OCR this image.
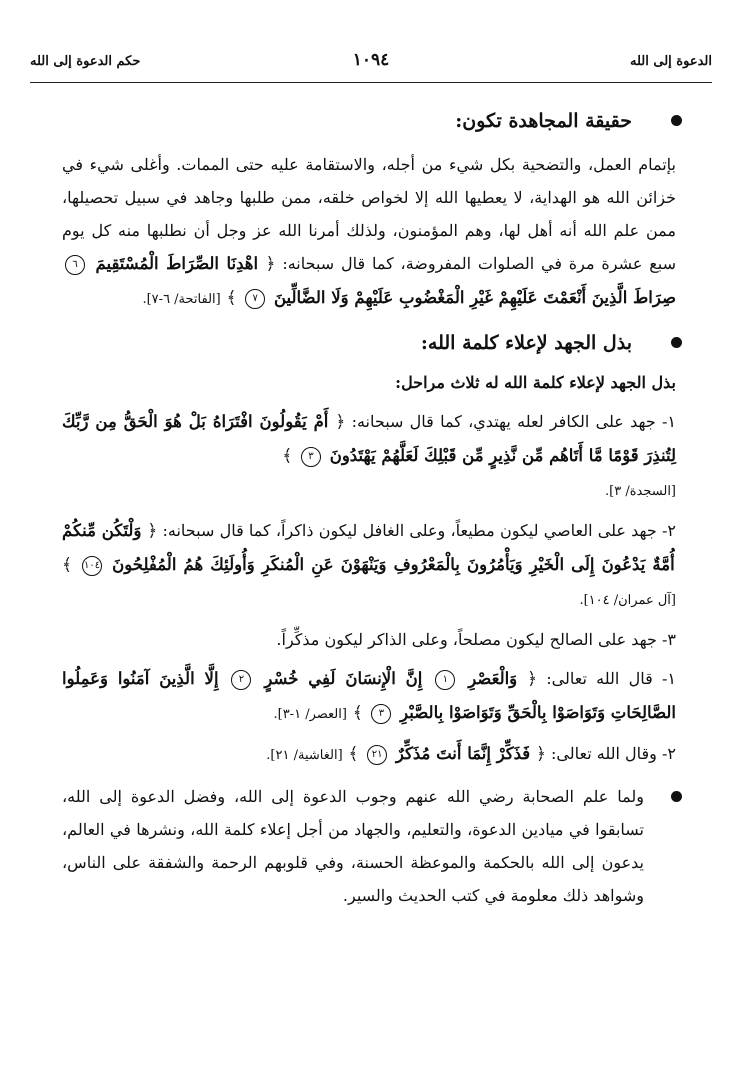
الدعوة إلى الله
١٠٩٤
حكم الدعوة إلى الله
حقيقة المجاهدة تكون:

بإتمام العمل، والتضحية بكل شيء من أجله، والاستقامة عليه حتى الممات. وأغلى شيء في خزائن الله هو الهداية، لا يعطيها الله إلا لخواص خلقه، ممن طلبها وجاهد في سبيل تحصيلها، ممن علم الله أنه أهل لها، وهم المؤمنون، ولذلك أمرنا الله عز وجل أن نطلبها منه كل يوم سبع عشرة مرة في الصلوات المفروضة، كما قال سبحانه: ﴿ اهْدِنَا الصِّرَاطَ الْمُسْتَقِيمَ ٦ صِرَاطَ الَّذِينَ أَنْعَمْتَ عَلَيْهِمْ غَيْرِ الْمَغْضُوبِ عَلَيْهِمْ وَلَا الضَّالِّينَ ٧ ﴾ [الفاتحة/ ٦-٧].

بذل الجهد لإعلاء كلمة الله:

بذل الجهد لإعلاء كلمة الله له ثلاث مراحل:

١- جهد على الكافر لعله يهتدي، كما قال سبحانه: ﴿ أَمْ يَقُولُونَ افْتَرَاهُ بَلْ هُوَ الْحَقُّ مِن رَّبِّكَ لِتُنذِرَ قَوْمًا مَّا أَتَاهُم مِّن نَّذِيرٍ مِّن قَبْلِكَ لَعَلَّهُمْ يَهْتَدُونَ ٣ ﴾
[السجدة/ ٣].

٢- جهد على العاصي ليكون مطيعاً، وعلى الغافل ليكون ذاكراً، كما قال سبحانه: ﴿ وَلْتَكُن مِّنكُمْ أُمَّةٌ يَدْعُونَ إِلَى الْخَيْرِ وَيَأْمُرُونَ بِالْمَعْرُوفِ وَيَنْهَوْنَ عَنِ الْمُنكَرِ وَأُولَئِكَ هُمُ الْمُفْلِحُونَ ١٠٤ ﴾ [آل عمران/ ١٠٤].

٣- جهد على الصالح ليكون مصلحاً، وعلى الذاكر ليكون مذكِّراً.

١- قال الله تعالى: ﴿ وَالْعَصْرِ ١ إِنَّ الْإِنسَانَ لَفِي خُسْرٍ ٢ إِلَّا الَّذِينَ آمَنُوا وَعَمِلُوا الصَّالِحَاتِ وَتَوَاصَوْا بِالْحَقِّ وَتَوَاصَوْا بِالصَّبْرِ ٣ ﴾ [العصر/ ١-٣].

٢- وقال الله تعالى: ﴿ فَذَكِّرْ إِنَّمَا أَنتَ مُذَكِّرٌ ٢١ ﴾ [الغاشية/ ٢١].

ولما علم الصحابة رضي الله عنهم وجوب الدعوة إلى الله، وفضل الدعوة إلى الله، تسابقوا في ميادين الدعوة، والتعليم، والجهاد من أجل إعلاء كلمة الله، ونشرها في العالم، يدعون إلى الله بالحكمة والموعظة الحسنة، وفي قلوبهم الرحمة والشفقة على الناس، وشواهد ذلك معلومة في كتب الحديث والسير.
